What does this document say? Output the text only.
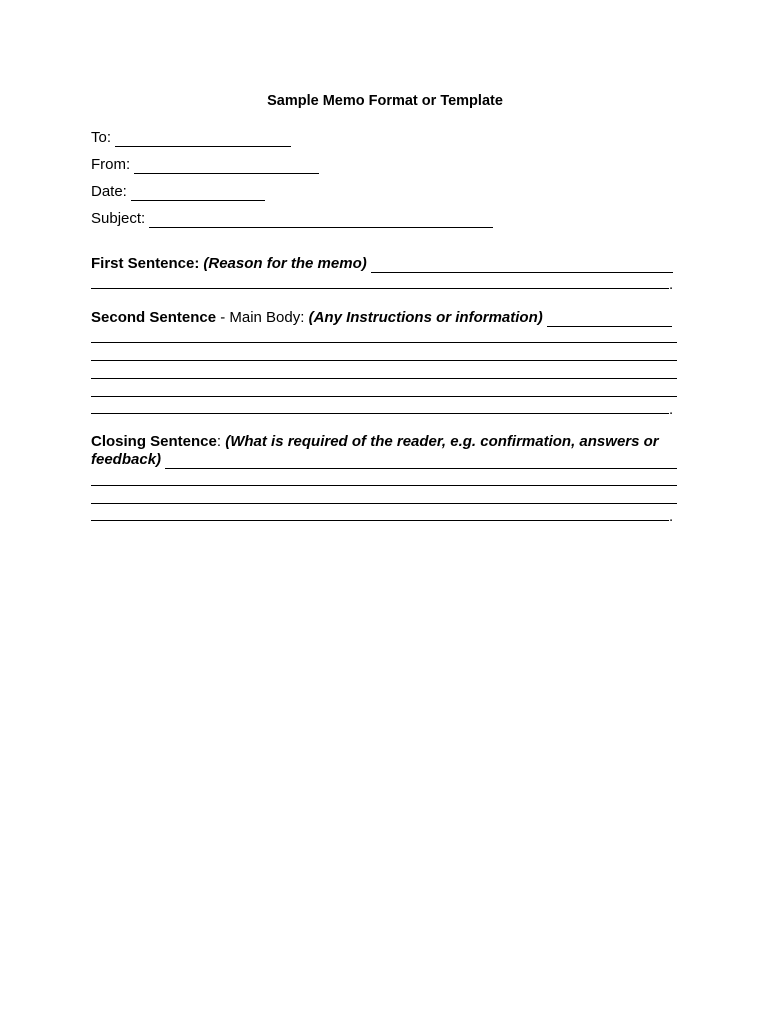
Sample Memo Format or Template
To:
From:
Date:
Subject:
First Sentence: (Reason for the memo)
.
Second Sentence - Main Body: (Any Instructions or information)
.
Closing Sentence : (What is required of the reader, e.g. confirmation, answers or
feedback)
.
